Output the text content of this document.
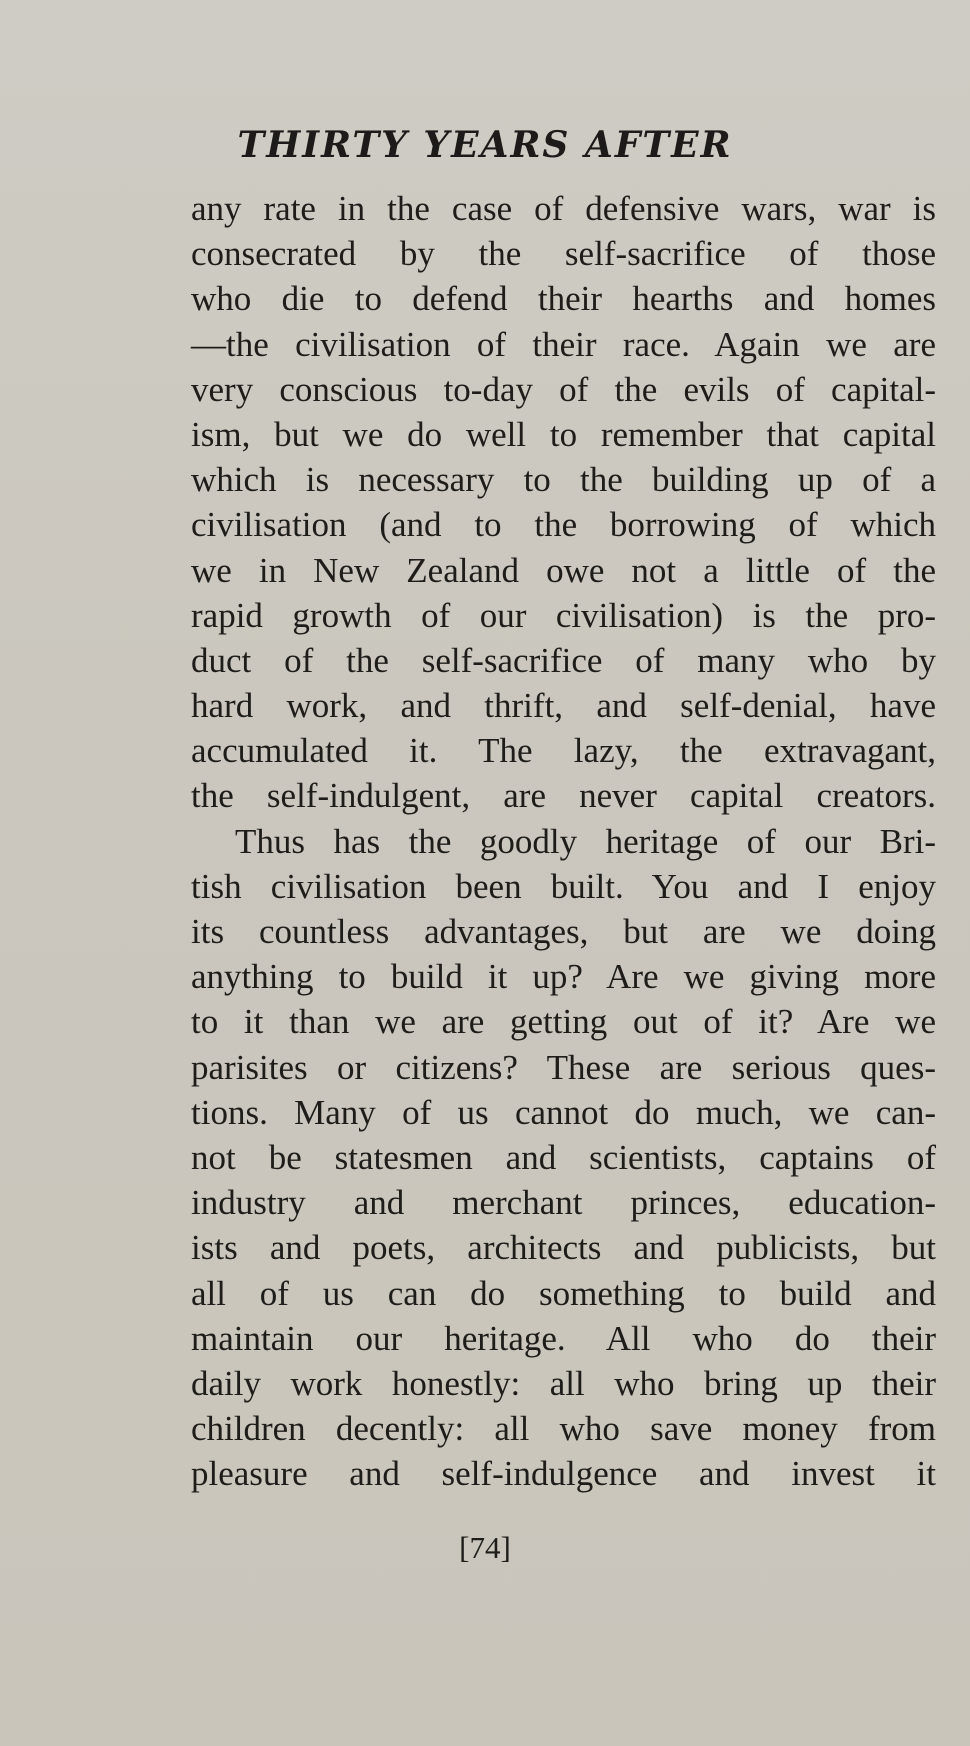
THIRTY YEARS AFTER
any rate in the case of defensive wars, war is
consecrated by the self-sacrifice of those
who die to defend their hearths and homes
—the civilisation of their race. Again we are
very conscious to-day of the evils of capital-
ism, but we do well to remember that capital
which is necessary to the building up of a
civilisation (and to the borrowing of which
we in New Zealand owe not a little of the
rapid growth of our civilisation) is the pro-
duct of the self-sacrifice of many who by
hard work, and thrift, and self-denial, have
accumulated it. The lazy, the extravagant,
the self-indulgent, are never capital creators.
Thus has the goodly heritage of our Bri-
tish civilisation been built. You and I enjoy
its countless advantages, but are we doing
anything to build it up? Are we giving more
to it than we are getting out of it? Are we
parisites or citizens? These are serious ques-
tions. Many of us cannot do much, we can-
not be statesmen and scientists, captains of
industry and merchant princes, education-
ists and poets, architects and publicists, but
all of us can do something to build and
maintain our heritage. All who do their
daily work honestly: all who bring up their
children decently: all who save money from
pleasure and self-indulgence and invest it
[74]
